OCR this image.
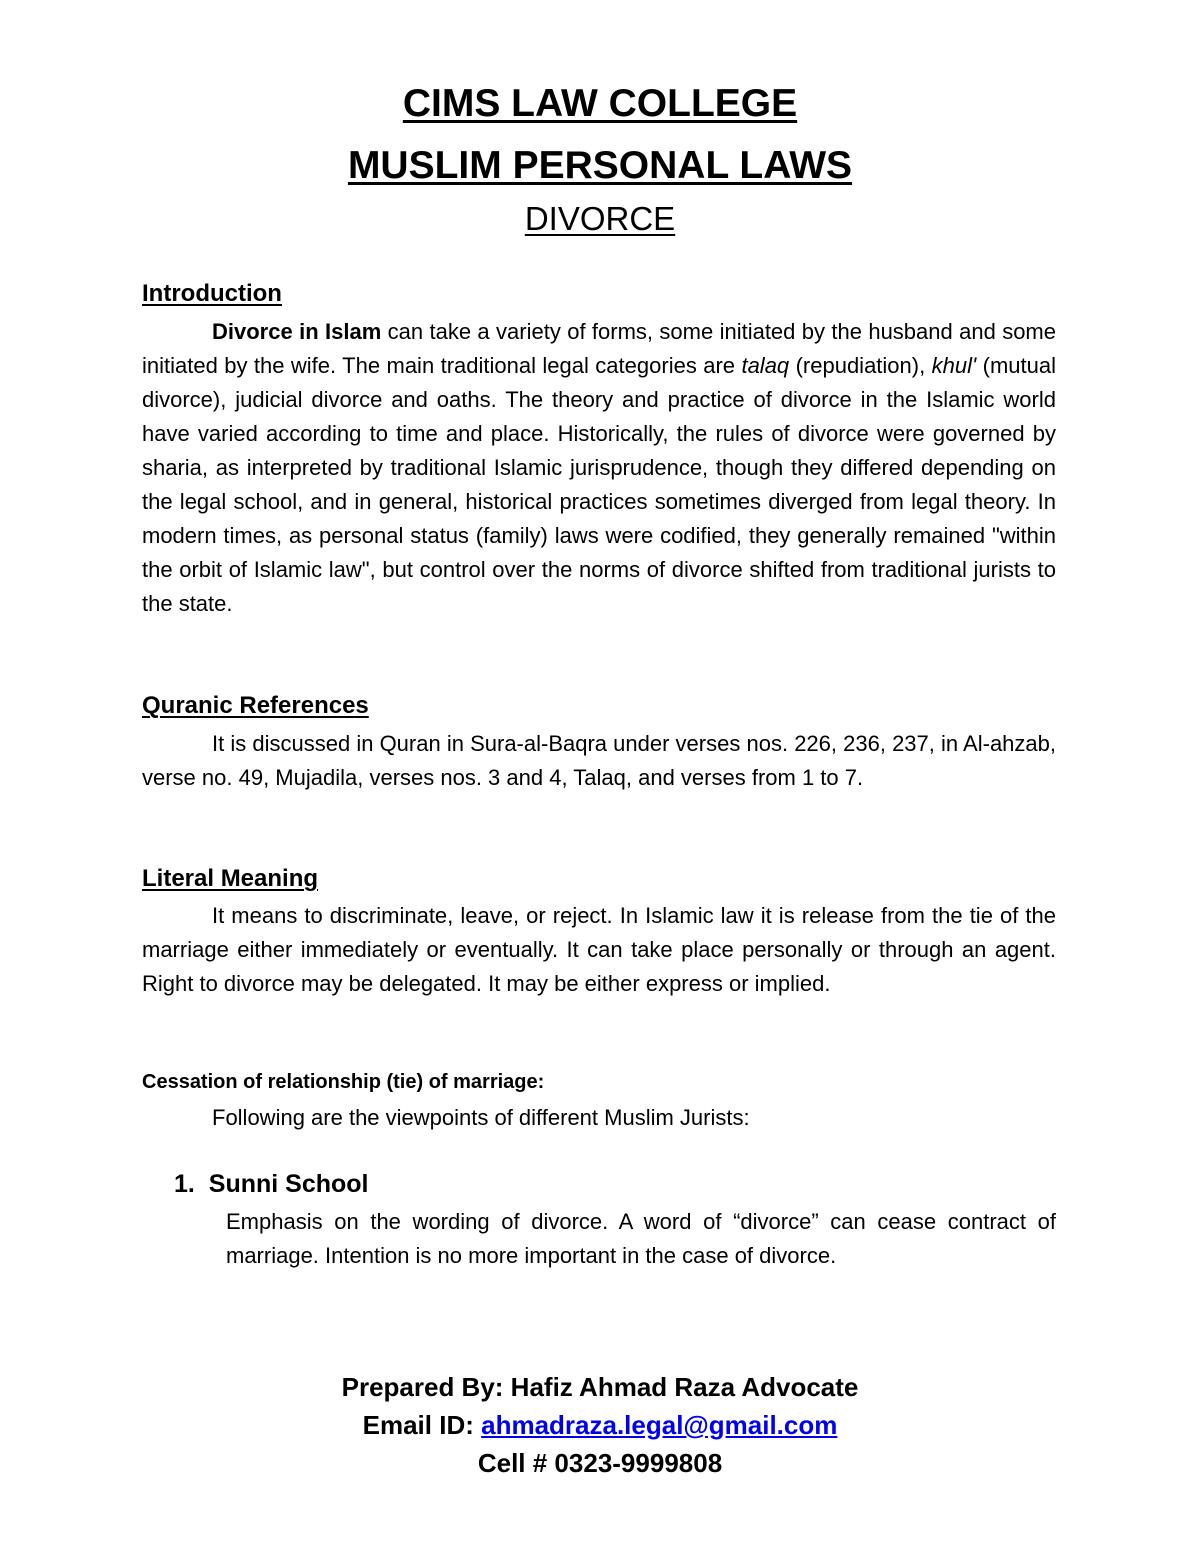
CIMS LAW COLLEGE
MUSLIM PERSONAL LAWS
DIVORCE
Introduction
Divorce in Islam can take a variety of forms, some initiated by the husband and some initiated by the wife. The main traditional legal categories are talaq (repudiation), khul' (mutual divorce), judicial divorce and oaths. The theory and practice of divorce in the Islamic world have varied according to time and place. Historically, the rules of divorce were governed by sharia, as interpreted by traditional Islamic jurisprudence, though they differed depending on the legal school, and in general, historical practices sometimes diverged from legal theory. In modern times, as personal status (family) laws were codified, they generally remained "within the orbit of Islamic law", but control over the norms of divorce shifted from traditional jurists to the state.
Quranic References
It is discussed in Quran in Sura-al-Baqra under verses nos. 226, 236, 237, in Al-ahzab, verse no. 49, Mujadila, verses nos. 3 and 4, Talaq, and verses from 1 to 7.
Literal Meaning
It means to discriminate, leave, or reject. In Islamic law it is release from the tie of the marriage either immediately or eventually. It can take place personally or through an agent. Right to divorce may be delegated. It may be either express or implied.
Cessation of relationship (tie) of marriage:
Following are the viewpoints of different Muslim Jurists:
1. Sunni School
Emphasis on the wording of divorce. A word of “divorce” can cease contract of marriage. Intention is no more important in the case of divorce.
Prepared By: Hafiz Ahmad Raza Advocate
Email ID: ahmadraza.legal@gmail.com
Cell # 0323-9999808
